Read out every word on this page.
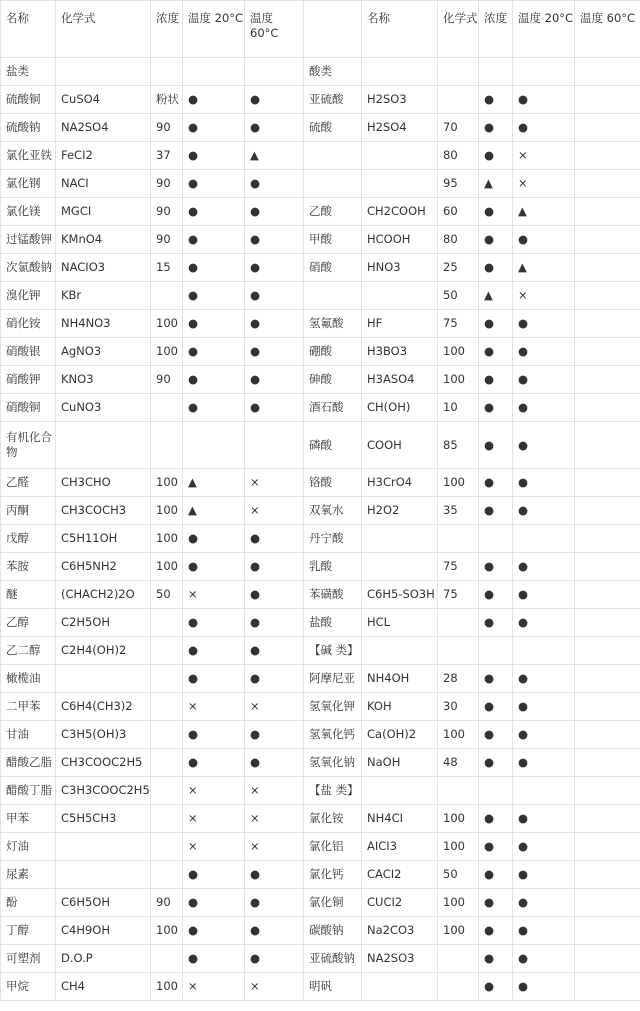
名称	化学式	浓度	温度 20°C	温度 60°C			名称	化学式	浓度	温度 20°C	温度 60°C
盐类						酸类					
硫酸铜	CuSO4	粉状	●	●		亚硫酸	H2SO3		●	●	
硫酸钠	NA2SO4	90	●	●		硫酸	H2SO4	70	●	●	
氯化亚铁	FeCI2	37	●	▲				80	●	×	
氯化钢	NACI	90	●	●				95	▲	×	
氯化镁	MGCI	90	●	●		乙酸	CH2COOH	60	●	▲	
过锰酸钾	KMnO4	90	●	●		甲酸	HCOOH	80	●	●	
次氯酸钠	NACIO3	15	●	●		硝酸	HNO3	25	●	▲	
溴化钾	KBr		●	●				50	▲	×	
硝化铵	NH4NO3	100	●	●		氢氟酸	HF	75	●	●	
硝酸银	AgNO3	100	●	●		硼酸	H3BO3	100	●	●	
硝酸钾	KNO3	90	●	●		砷酸	H3ASO4	100	●	●	
硝酸铜	CuNO3		●	●		酒石酸	CH(OH)	10	●	●	
有机化合物						磷酸	COOH	85	●	●	
乙醛	CH3CHO	100	▲	×		铬酸	H3CrO4	100	●	●	
丙酮	CH3COCH3	100	▲	×		双氧水	H2O2	35	●	●	
戊醇	C5H11OH	100	●	●		丹宁酸					
苯胺	C6H5NH2	100	●	●		乳酸		75	●	●	
醚	(CHACH2)2O	50	×	●		苯磺酸	C6H5-SO3H	75	●	●	
乙醇	C2H5OH		●	●		盐酸	HCL		●	●	
乙二醇	C2H4(OH)2		●	●		【碱 类】					
橄榄油			●	●		阿摩尼亚	NH4OH	28	●	●	
二甲苯	C6H4(CH3)2		×	×		氢氧化钾	KOH	30	●	●	
甘油	C3H5(OH)3		●	●		氢氧化钙	Ca(OH)2	100	●	●	
醋酸乙脂	CH3COOC2H5		●	●		氢氧化钠	NaOH	48	●	●	
醋酸丁脂	C3H3COOC2H5		×	×		【盐 类】					
甲苯	C5H5CH3		×	×		氯化铵	NH4CI	100	●	●	
灯油			×	×		氯化铝	AICI3	100	●	●	
尿素			●	●		氯化钙	CACI2	50	●	●	
酚	C6H5OH	90	●	●		氯化铜	CUCI2	100	●	●	
丁醇	C4H9OH	100	●	●		碳酸钠	Na2CO3	100	●	●	
可塑剂	D.O.P		●	●		亚硫酸钠	NA2SO3		●	●	
甲烷	CH4	100	×	×		明矾			●	●	
